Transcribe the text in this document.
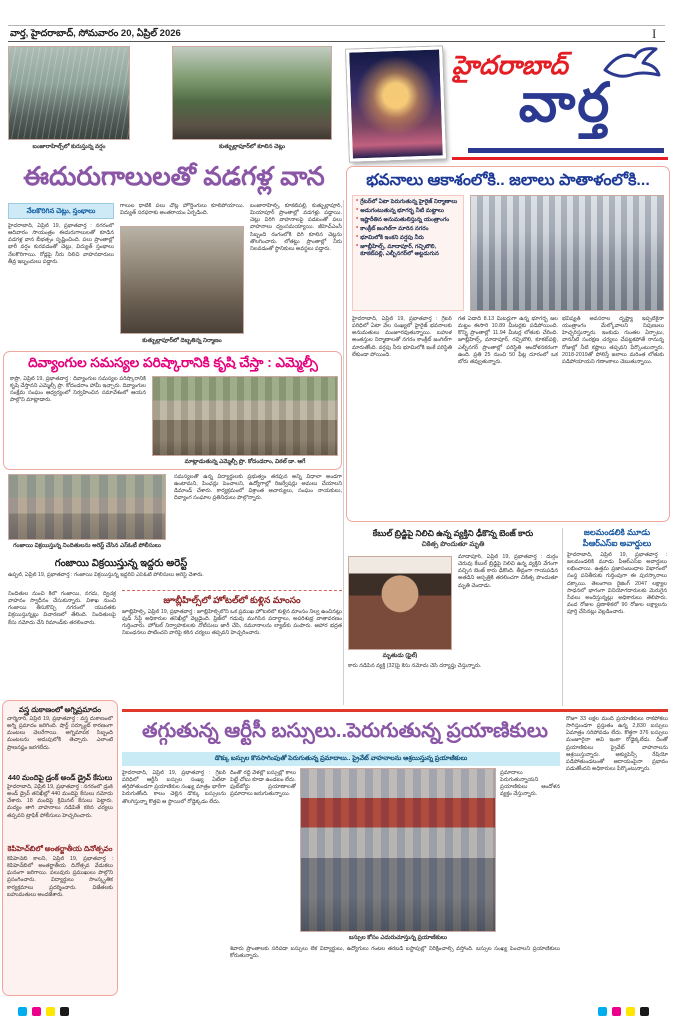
వార్త, హైదరాబాద్, సోమవారం 20, ఏప్రిల్ 2026	I
బంజారాహిల్స్‌లో కురుస్తున్న వర్షం	కుత్బుల్లాపూర్‌లో కూలిన చెట్లు
హైదరాబాద్
వార్త
ఈదురుగాలులతో వడగళ్ల వాన
నేలకొరిగిన చెట్లు, స్తంభాలు
హైదరాబాద్, ఏప్రిల్ 19, ప్రభాతవార్త : నగరంలో ఆదివారం సాయంత్రం ఈదురుగాలులతో కూడిన వడగళ్ల వాన బీభత్సం సృష్టించింది. పలు ప్రాంతాల్లో భారీ వర్షం కురవడంతో చెట్లు, విద్యుత్ స్తంభాలు నేలకొరిగాయి. రోడ్లపై నీరు నిలిచి వాహనదారులు తీవ్ర ఇబ్బందులు పడ్డారు.
గాలుల ధాటికి పలు చోట్ల హోర్డింగులు కూలిపోయాయి. విద్యుత్ సరఫరాకు అంతరాయం ఏర్పడింది.
కుత్బుల్లాపూర్‌లో దెబ్బతిన్న నిర్మాణం
బంజారాహిల్స్, కూకట్‌పల్లి, కుత్బుల్లాపూర్, మియాపూర్ ప్రాంతాల్లో వడగళ్లు పడ్డాయి. చెట్లు విరిగి వాహనాలపై పడటంతో పలు వాహనాలు ధ్వంసమయ్యాయి. జీహెచ్ఎంసీ సిబ్బంది రంగంలోకి దిగి కూలిన చెట్లను తొలగించారు. లోతట్టు ప్రాంతాల్లో నీరు నిలవడంతో స్థానికులు అవస్థలు పడ్డారు.
దివ్యాంగుల సమస్యల పరిష్కారానికి కృషి చేస్తా : ఎమ్మెల్సీ
కాప్రా, ఏప్రిల్ 19, ప్రభాతవార్త : దివ్యాంగుల సమస్యల పరిష్కారానికి కృషి చేస్తానని ఎమ్మెల్సీ ప్రొ. కోదండరాం హామీ ఇచ్చారు. దివ్యాంగుల సంక్షేమ సంఘం ఆధ్వర్యంలో నిర్వహించిన సమావేశంలో ఆయన పాల్గొని మాట్లాడారు.
మాట్లాడుతున్న ఎమ్మెల్సీ ప్రొ. కోదండరాం, విఠల్ డా. ఆగే
గంజాయి విక్రయిస్తున్న నిందితులను అరెస్ట్ చేసిన ఎస్ఓటీ పోలీసులు
సమస్యలతో ఉన్న విద్యార్థులకు ప్రభుత్వం తరఫున అన్ని విధాలా అండగా ఉంటామని, పింఛన్లు పెంచాలని, ఉద్యోగాల్లో రిజర్వేషన్లు అమలు చేయాలని డిమాండ్ చేశారు. కార్యక్రమంలో విశ్రాంత ఆచార్యులు, సంఘం నాయకులు, దివ్యాంగ సంఘాల ప్రతినిధులు పాల్గొన్నారు.
గంజాయి విక్రయిస్తున్న ఇద్దరు అరెస్ట్
ఉప్పల్, ఏప్రిల్ 19, ప్రభాతవార్త : గంజాయి విక్రయిస్తున్న ఇద్దరిని ఎస్ఓటీ పోలీసులు అరెస్ట్ చేశారు.
నిందితుల నుంచి కిలో గంజాయి, నగదు, ద్విచక్ర వాహనం స్వాధీనం చేసుకున్నారు. విశాఖ నుంచి గంజాయి తీసుకొచ్చి నగరంలో యువతకు విక్రయిస్తున్నట్లు విచారణలో తేలింది. నిందితులపై కేసు నమోదు చేసి రిమాండ్‌కు తరలించారు.
జూబ్లీహిల్స్‌లో హోటల్‌లో కుళ్లిన మాంసం
జూబ్లీహిల్స్, ఏప్రిల్ 19, ప్రభాతవార్త : జూబ్లీహిల్స్‌లోని ఒక ప్రముఖ హోటల్‌లో కుళ్లిన మాంసం నిల్వ ఉంచినట్లు ఫుడ్ సేఫ్టీ అధికారుల తనిఖీల్లో వెల్లడైంది. ఫ్రిజ్‌లో గడువు ముగిసిన పదార్థాలు, అపరిశుభ్ర వాతావరణం గుర్తించారు. హోటల్ నిర్వాహకులకు నోటీసులు జారీ చేసి, నమూనాలను ల్యాబ్‌కు పంపారు. ఆహార భద్రత నిబంధనలు పాటించని వారిపై కఠిన చర్యలు తప్పవని హెచ్చరించారు.
వస్త్ర దుకాణంలో అగ్నిప్రమాదం
చార్మినార్, ఏప్రిల్ 19, ప్రభాతవార్త : వస్త్ర దుకాణంలో అగ్ని ప్రమాదం జరిగింది. షార్ట్ సర్క్యూట్ కారణంగా మంటలు చెలరేగాయి. అగ్నిమాపక సిబ్బంది మంటలను అదుపులోకి తెచ్చారు. ఎలాంటి ప్రాణనష్టం జరగలేదు.
440 మందిపై డ్రంక్ అండ్ డ్రైవ్ కేసులు
హైదరాబాద్, ఏప్రిల్ 19, ప్రభాతవార్త : నగరంలో డ్రంక్ అండ్ డ్రైవ్ తనిఖీల్లో 440 మందిపై కేసులు నమోదు చేశారు. 18 మందిపై క్రిమినల్ కేసులు పెట్టారు. మద్యం తాగి వాహనాలు నడిపితే కఠిన చర్యలు తప్పవని ట్రాఫిక్ పోలీసులు హెచ్చరించారు.
కెపిహెచ్‌బిలో అంతర్జాతీయ దినోత్సవం
కెపిహెచ్‌బి కాలనీ, ఏప్రిల్ 19, ప్రభాతవార్త : కెపిహెచ్‌బిలో అంతర్జాతీయ దినోత్సవ వేడుకలు ఘనంగా జరిగాయి. పలువురు ప్రముఖులు పాల్గొని ప్రసంగించారు. విద్యార్థులు సాంస్కృతిక కార్యక్రమాలు ప్రదర్శించారు. విజేతలకు బహుమతులు అందజేశారు.
భవనాలు ఆకాశంలోకి.. జలాలు పాతాళంలోకి...
* గ్రేటర్‌లో ఏటా పెరుగుతున్న హైరైజ్ నిర్మాణాలు
* అడుగంటుతున్న భూగర్భ నీటి మట్టాలు
* ఇష్టారీతిన అనుమతులిస్తున్న యంత్రాంగం
* కాంక్రీట్ జంగిల్‌గా మారిన నగరం
* భూమిలోకి ఇంకని వర్షపు నీరు
* జూబ్లీహిల్స్, మాదాపూర్, గచ్చిబౌలి, కూకట్‌పల్లి, ఎల్బీనగర్‌లో అట్టడుగున
హైదరాబాద్, ఏప్రిల్ 19, ప్రభాతవార్త : గ్రేటర్ పరిధిలో ఏటా వేల సంఖ్యలో హైరైజ్ భవనాలకు అనుమతులు మంజూరవుతున్నాయి. బహుళ అంతస్తుల నిర్మాణాలతో నగరం కాంక్రీట్ జంగిల్‌గా మారుతోంది. వర్షపు నీరు భూమిలోకి ఇంకే పరిస్థితి లేకుండా పోయింది.
గత ఏడాది 8.13 మీటర్లుగా ఉన్న భూగర్భ జల మట్టం ఈసారి 10.89 మీటర్లకు పడిపోయింది. కొన్ని ప్రాంతాల్లో 11.94 మీటర్ల లోతుకు చేరింది. జూబ్లీహిల్స్, మాదాపూర్, గచ్చిబౌలి, కూకట్‌పల్లి, ఎల్బీనగర్ ప్రాంతాల్లో పరిస్థితి ఆందోళనకరంగా ఉంది. ప్రతి 25 నుంచి 50 ఫీట్ల దూరంలో ఒక బోరు తవ్వుతున్నారు.
భవిష్యత్ అవసరాల దృష్ట్యా ఇప్పటికైనా యంత్రాంగం మేల్కోవాలని నిపుణులు హెచ్చరిస్తున్నారు. ఇంకుడు గుంతల ఏర్పాటు, వాననీటి సంరక్షణ చర్యలు చేపట్టకపోతే రానున్న రోజుల్లో నీటి కష్టాలు తప్పవని పేర్కొంటున్నారు. 2018-2019తో పోలిస్తే జలాలు మరింత లోతుకు పడిపోయాయని గణాంకాలు చెబుతున్నాయి.
కేబుల్ బ్రిడ్జిపై నిలిచి ఉన్న వ్యక్తిని ఢీకొన్న బెంజ్ కారు
చికిత్స పొందుతూ మృతి
మృతుడు (ఫైల్)
మాదాపూర్, ఏప్రిల్ 19, ప్రభాతవార్త : దుర్గం చెరువు కేబుల్ బ్రిడ్జిపై నిలిచి ఉన్న వ్యక్తిని వేగంగా వచ్చిన బెంజ్ కారు ఢీకొంది. తీవ్రంగా గాయపడిన అతడిని ఆస్పత్రికి తరలించగా చికిత్స పొందుతూ మృతి చెందాడు.
కారు నడిపిన వ్యక్తి (32)పై కేసు నమోదు చేసి దర్యాప్తు చేస్తున్నారు.
జలమండలికి మూడు పీఆర్‌ఎస్‌ఐ అవార్డులు
హైదరాబాద్, ఏప్రిల్ 19, ప్రభాతవార్త : జలమండలికి మూడు పీఆర్‌ఎస్‌ఐ అవార్డులు లభించాయి. ఉత్తమ ప్రజాసంబంధాల విభాగంలో సంస్థ పనితీరుకు గుర్తింపుగా ఈ పురస్కారాలు దక్కాయి. తెలంగాణ రైజింగ్ 2047 లక్ష్యాల సాధనలో భాగంగా వినియోగదారులకు మెరుగైన సేవలు అందిస్తున్నట్లు అధికారులు తెలిపారు. వంద రోజుల ప్రణాళికలో 90 రోజుల లక్ష్యాలను పూర్తి చేసినట్లు వెల్లడించారు.
తగ్గుతున్న ఆర్టీసీ బస్సులు..పెరుగుతున్న ప్రయాణికులు
రోజూ 33 లక్షల మంది ప్రయాణికులు రాకపోకలు సాగిస్తుండగా ప్రస్తుతం ఉన్న 2,830 బస్సులు ఏమాత్రం సరిపోవడం లేదు. కొత్తగా 376 బస్సులు మంజూరైనా అవి ఇంకా రోడ్డెక్కలేదు. దీంతో ప్రయాణికులు ప్రైవేట్ వాహనాలను ఆశ్రయిస్తున్నారు. ఆక్యుపెన్సీ రేషియో పడిపోతుండటంతో ఆదాయంపైనా ప్రభావం పడుతోందని అధికారులు పేర్కొంటున్నారు.
డొక్కు బస్సుల కొనసాగింపుతో పెరుగుతున్న ప్రమాదాలు.. ప్రైవేట్ వాహనాలను ఆశ్రయిస్తున్న ప్రయాణికులు
హైదరాబాద్, ఏప్రిల్ 19, ప్రభాతవార్త : గ్రేటర్ పరిధిలో ఆర్టీసీ బస్సుల సంఖ్య ఏటేటా తగ్గిపోతుండగా ప్రయాణికుల సంఖ్య మాత్రం భారీగా పెరుగుతోంది. కాలం చెల్లిన డొక్కు బస్సులను తొలగిస్తున్నా కొత్తవి ఆ స్థాయిలో రోడ్డెక్కడం లేదు.
దీంతో రద్దీ వేళల్లో బస్సుల్లో కాలు పెట్టే చోటు కూడా ఉండటం లేదు. ఫుట్‌బోర్డు ప్రయాణాలతో ప్రమాదాలు జరుగుతున్నాయి.
బస్సుల కోసం ఎదురుచూస్తున్న ప్రయాణికులు
ప్రమాదాలు పెరుగుతున్నాయని ప్రయాణికులు ఆందోళన వ్యక్తం చేస్తున్నారు.
శివారు ప్రాంతాలకు సరిపడా బస్సులు లేక విద్యార్థులు, ఉద్యోగులు గంటల తరబడి బస్టాపుల్లో నిరీక్షించాల్సి వస్తోంది. బస్సుల సంఖ్య పెంచాలని ప్రయాణికులు కోరుతున్నారు.
